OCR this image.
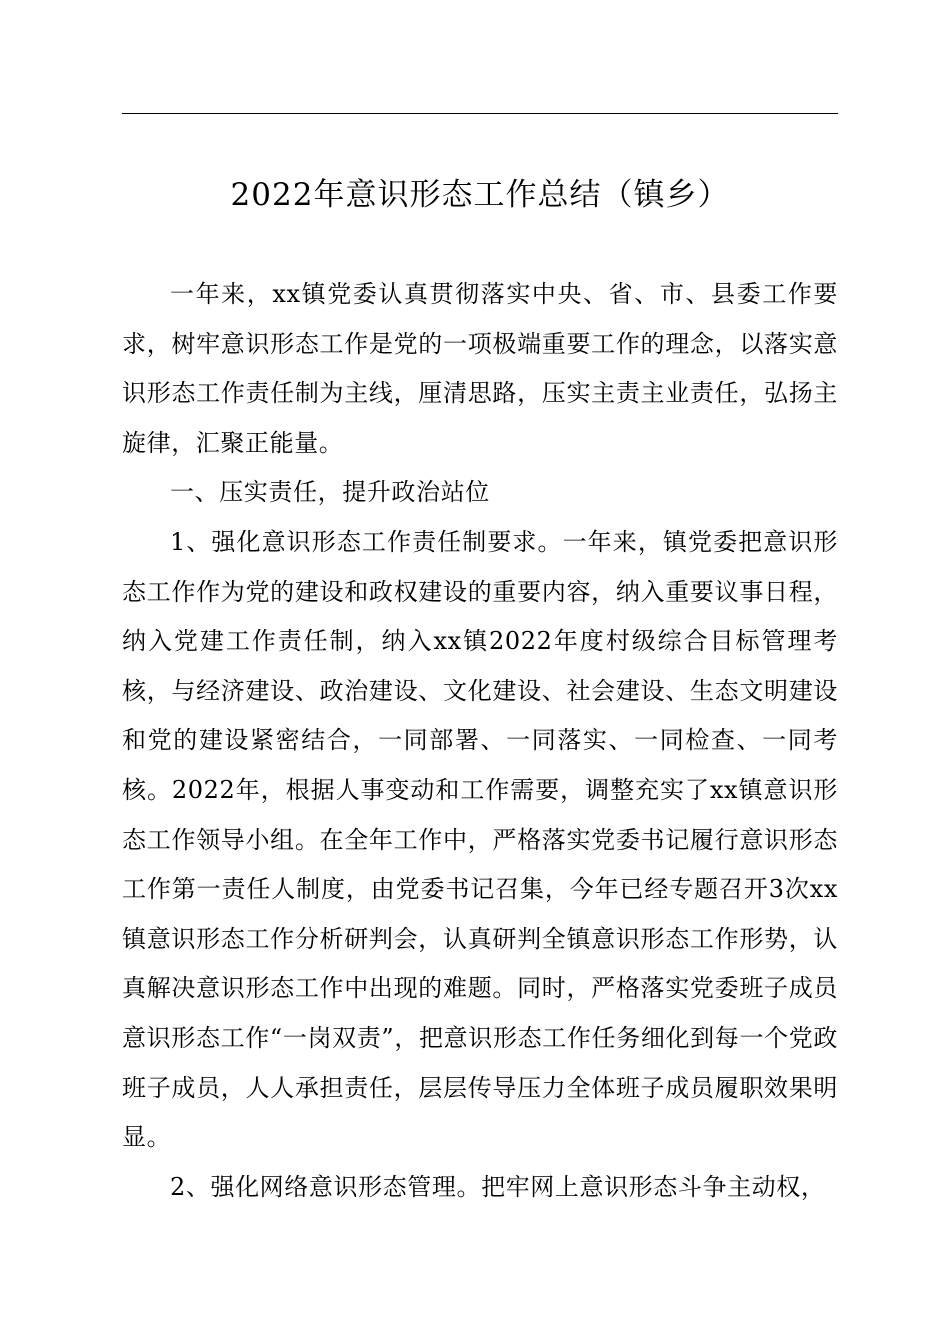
2022年意识形态工作总结（镇乡）

一年来，xx镇党委认真贯彻落实中央、省、市、县委工作要求，树牢意识形态工作是党的一项极端重要工作的理念，以落实意识形态工作责任制为主线，厘清思路，压实主责主业责任，弘扬主旋律，汇聚正能量。

一、压实责任，提升政治站位

1、强化意识形态工作责任制要求。一年来，镇党委把意识形态工作作为党的建设和政权建设的重要内容，纳入重要议事日程，纳入党建工作责任制，纳入xx镇2022年度村级综合目标管理考核，与经济建设、政治建设、文化建设、社会建设、生态文明建设和党的建设紧密结合，一同部署、一同落实、一同检查、一同考核。2022年，根据人事变动和工作需要，调整充实了xx镇意识形态工作领导小组。在全年工作中，严格落实党委书记履行意识形态工作第一责任人制度，由党委书记召集，今年已经专题召开3次xx镇意识形态工作分析研判会，认真研判全镇意识形态工作形势，认真解决意识形态工作中出现的难题。同时，严格落实党委班子成员意识形态工作“一岗双责”，把意识形态工作任务细化到每一个党政班子成员，人人承担责任，层层传导压力全体班子成员履职效果明显。

2、强化网络意识形态管理。把牢网上意识形态斗争主动权，
